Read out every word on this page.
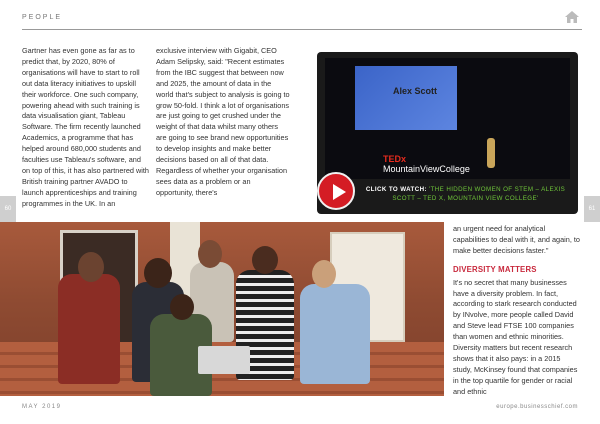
PEOPLE
Gartner has even gone as far as to predict that, by 2020, 80% of organisations will have to start to roll out data literacy initiatives to upskill their workforce. One such company, powering ahead with such training is data visualisation giant, Tableau Software. The firm recently launched Academics, a programme that has helped around 680,000 students and faculties use Tableau's software, and on top of this, it has also partnered with British training partner AVADO to launch apprenticeships and training programmes in the UK. In an
exclusive interview with Gigabit, CEO Adam Selipsky, said: "Recent estimates from the IBC suggest that between now and 2025, the amount of data in the world that's subject to analysis is going to grow 50-fold. I think a lot of organisations are just going to get crushed under the weight of that data whilst many others are going to see brand new opportunities to develop insights and make better decisions based on all of that data. Regardless of whether your organisation sees data as a problem or an opportunity, there's
Alex Scott
TEDx
MountainViewCollege
CLICK TO WATCH: 'THE HIDDEN WOMEN OF STEM – ALEXIS SCOTT – TED X, MOUNTAIN VIEW COLLEGE'
60	61

an urgent need for analytical capabilities to deal with it, and again, to make better decisions faster."

DIVERSITY MATTERS

It's no secret that many businesses have a diversity problem. In fact, according to stark research conducted by INvolve, more people called David and Steve lead FTSE 100 companies than women and ethnic minorities. Diversity matters but recent research shows that it also pays: in a 2015 study, McKinsey found that companies in the top quartile for gender or racial and ethnic

MAY 2019	europe.businesschief.com
